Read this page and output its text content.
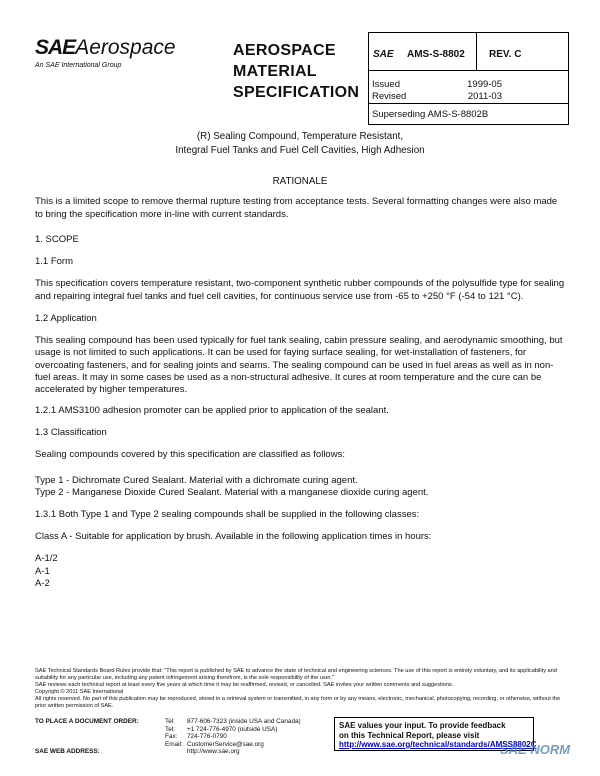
SAEAerospace
An SAE International Group
AEROSPACE
MATERIAL
SPECIFICATION
SAE AMS-S-8802 REV. C
Issued	1999-05
Revised	2011-03
Superseding AMS-S-8802B
(R) Sealing Compound, Temperature Resistant,
Integral Fuel Tanks and Fuel Cell Cavities, High Adhesion
RATIONALE
This is a limited scope to remove thermal rupture testing from acceptance tests. Several formatting changes were also made to bring the specification more in-line with current standards.
1. SCOPE
1.1 Form
This specification covers temperature resistant, two-component synthetic rubber compounds of the polysulfide type for sealing and repairing integral fuel tanks and fuel cell cavities, for continuous service use from -65 to +250 °F (-54 to 121 °C).
1.2 Application
This sealing compound has been used typically for fuel tank sealing, cabin pressure sealing, and aerodynamic smoothing, but usage is not limited to such applications. It can be used for faying surface sealing, for wet-installation of fasteners, for overcoating fasteners, and for sealing joints and seams. The sealing compound can be used in fuel areas as well as in non-fuel areas. It may in some cases be used as a non-structural adhesive. It cures at room temperature and the cure can be accelerated by higher temperatures.
1.2.1 AMS3100 adhesion promoter can be applied prior to application of the sealant.
1.3 Classification
Sealing compounds covered by this specification are classified as follows:
Type 1 - Dichromate Cured Sealant. Material with a dichromate curing agent.
Type 2 - Manganese Dioxide Cured Sealant. Material with a manganese dioxide curing agent.
1.3.1 Both Type 1 and Type 2 sealing compounds shall be supplied in the following classes:
Class A - Suitable for application by brush. Available in the following application times in hours:
A-1/2
A-1
A-2
SAE Technical Standards Board Rules provide that: "This report is published by SAE to advance the state of technical and engineering sciences. The use of this report is entirely voluntary, and its applicability and suitability for any particular use, including any patent infringement arising therefrom, is the sole responsibility of the user."
SAE reviews each technical report at least every five years at which time it may be reaffirmed, revised, or cancelled. SAE invites your written comments and suggestions.
Copyright © 2011 SAE International
All rights reserved. No part of this publication may be reproduced, stored in a retrieval system or transmitted, in any form or by any means, electronic, mechanical, photocopying, recording, or otherwise, without the prior written permission of SAE.
TO PLACE A DOCUMENT ORDER:	Tel:	877-606-7323 (inside USA and Canada)
	Tel:	+1 724-776-4970 (outside USA)
	Fax:	724-776-0790
	Email:	CustomerService@sae.org
SAE WEB ADDRESS:		http://www.sae.org
SAE values your input. To provide feedback
on this Technical Report, please visit
http://www.sae.org/technical/standards/AMSS8802C
SAE NORM
